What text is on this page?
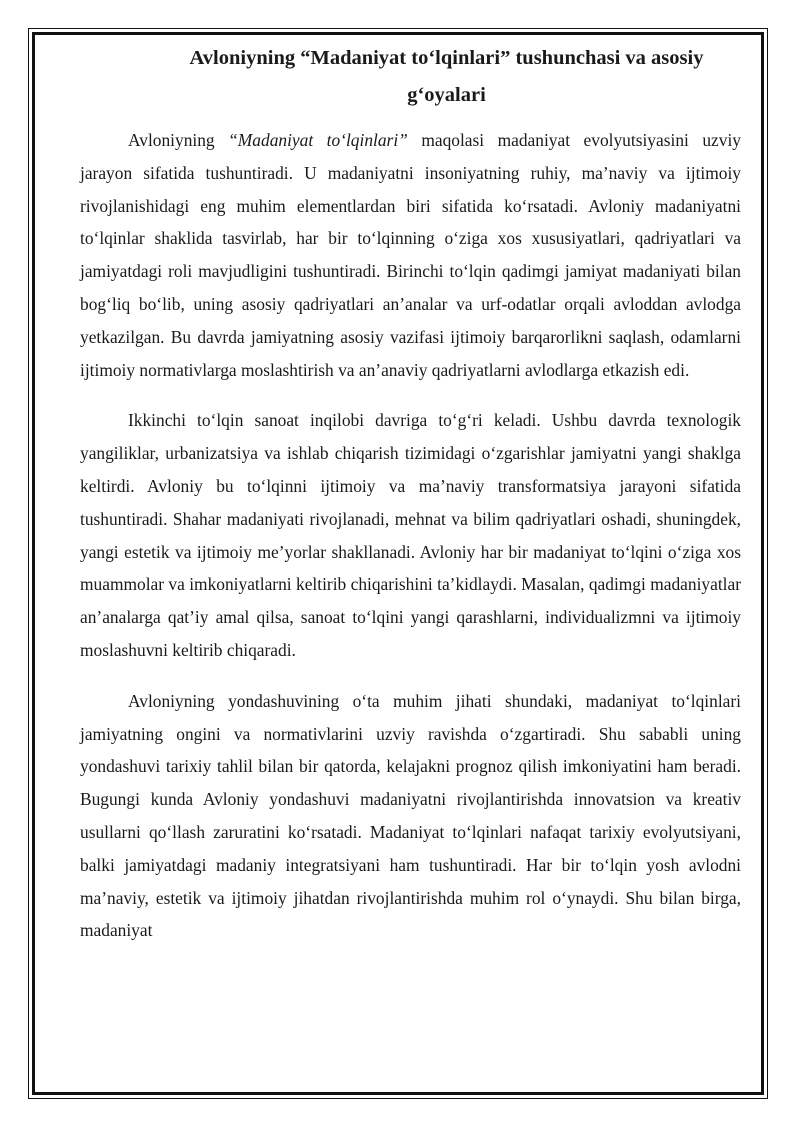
Avloniyning “Madaniyat to‘lqinlari” tushunchasi va asosiy
g‘oyalari

Avloniyning “Madaniyat to‘lqinlari” maqolasi madaniyat evolyutsiyasini uzviy jarayon sifatida tushuntiradi. U madaniyatni insoniyatning ruhiy, ma’naviy va ijtimoiy rivojlanishidagi eng muhim elementlardan biri sifatida ko‘rsatadi. Avloniy madaniyatni to‘lqinlar shaklida tasvirlab, har bir to‘lqinning o‘ziga xos xususiyatlari, qadriyatlari va jamiyatdagi roli mavjudligini tushuntiradi. Birinchi to‘lqin qadimgi jamiyat madaniyati bilan bog‘liq bo‘lib, uning asosiy qadriyatlari an’analar va urf-odatlar orqali avloddan avlodga yetkazilgan. Bu davrda jamiyatning asosiy vazifasi ijtimoiy barqarorlikni saqlash, odamlarni ijtimoiy normativlarga moslashtirish va an’anaviy qadriyatlarni avlodlarga etkazish edi.

Ikkinchi to‘lqin sanoat inqilobi davriga to‘g‘ri keladi. Ushbu davrda texnologik yangiliklar, urbanizatsiya va ishlab chiqarish tizimidagi o‘zgarishlar jamiyatni yangi shaklga keltirdi. Avloniy bu to‘lqinni ijtimoiy va ma’naviy transformatsiya jarayoni sifatida tushuntiradi. Shahar madaniyati rivojlanadi, mehnat va bilim qadriyatlari oshadi, shuningdek, yangi estetik va ijtimoiy me’yorlar shakllanadi. Avloniy har bir madaniyat to‘lqini o‘ziga xos muammolar va imkoniyatlarni keltirib chiqarishini ta’kidlaydi. Masalan, qadimgi madaniyatlar an’analarga qat’iy amal qilsa, sanoat to‘lqini yangi qarashlarni, individualizmni va ijtimoiy moslashuvni keltirib chiqaradi.

Avloniyning yondashuvining o‘ta muhim jihati shundaki, madaniyat to‘lqinlari jamiyatning ongini va normativlarini uzviy ravishda o‘zgartiradi. Shu sababli uning yondashuvi tarixiy tahlil bilan bir qatorda, kelajakni prognoz qilish imkoniyatini ham beradi. Bugungi kunda Avloniy yondashuvi madaniyatni rivojlantirishda innovatsion va kreativ usullarni qo‘llash zaruratini ko‘rsatadi. Madaniyat to‘lqinlari nafaqat tarixiy evolyutsiyani, balki jamiyatdagi madaniy integratsiyani ham tushuntiradi. Har bir to‘lqin yosh avlodni ma’naviy, estetik va ijtimoiy jihatdan rivojlantirishda muhim rol o‘ynaydi. Shu bilan birga, madaniyat
